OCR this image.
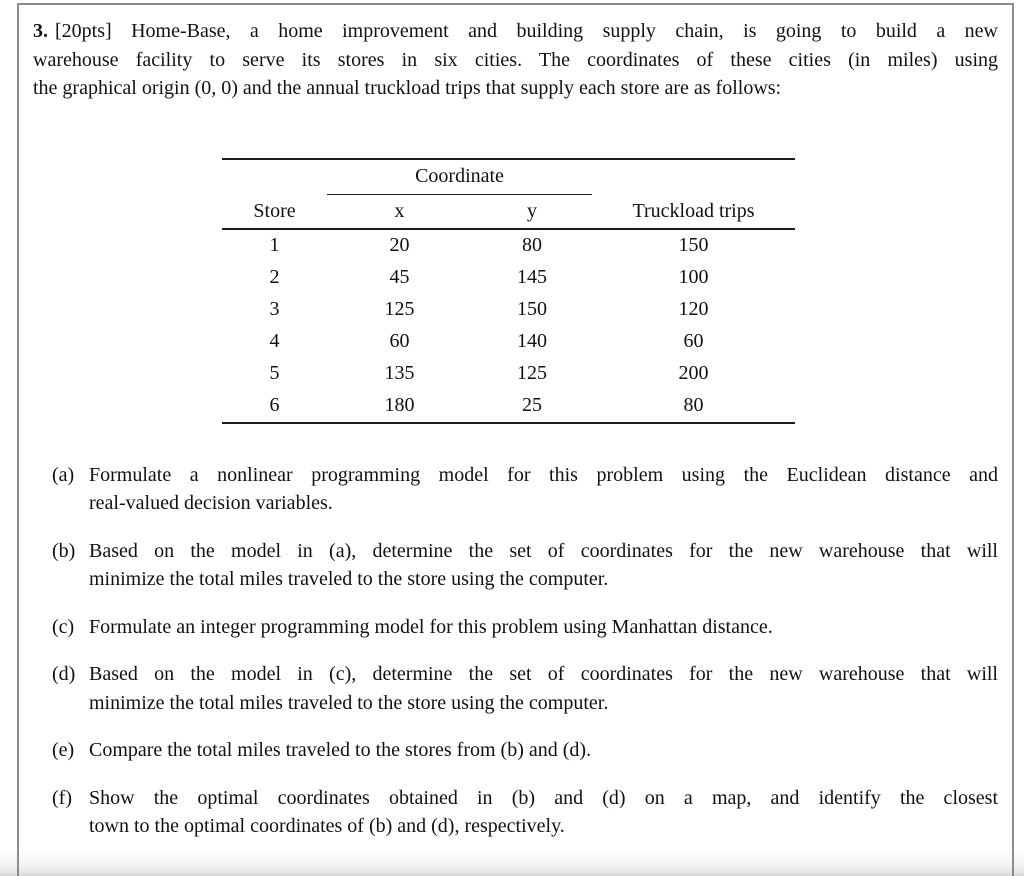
3. [20pts] Home-Base, a home improvement and building supply chain, is going to build a new
warehouse facility to serve its stores in six cities. The coordinates of these cities (in miles) using
the graphical origin (0, 0) and the annual truckload trips that supply each store are as follows:
	Coordinate		
Store	x	y	Truckload trips
1	20	80	150
2	45	145	100
3	125	150	120
4	60	140	60
5	135	125	200
6	180	25	80
(a) Formulate a nonlinear programming model for this problem using the Euclidean distance and
real-valued decision variables.
(b) Based on the model in (a), determine the set of coordinates for the new warehouse that will
minimize the total miles traveled to the store using the computer.
(c) Formulate an integer programming model for this problem using Manhattan distance.
(d) Based on the model in (c), determine the set of coordinates for the new warehouse that will
minimize the total miles traveled to the store using the computer.
(e) Compare the total miles traveled to the stores from (b) and (d).
(f) Show the optimal coordinates obtained in (b) and (d) on a map, and identify the closest
town to the optimal coordinates of (b) and (d), respectively.
